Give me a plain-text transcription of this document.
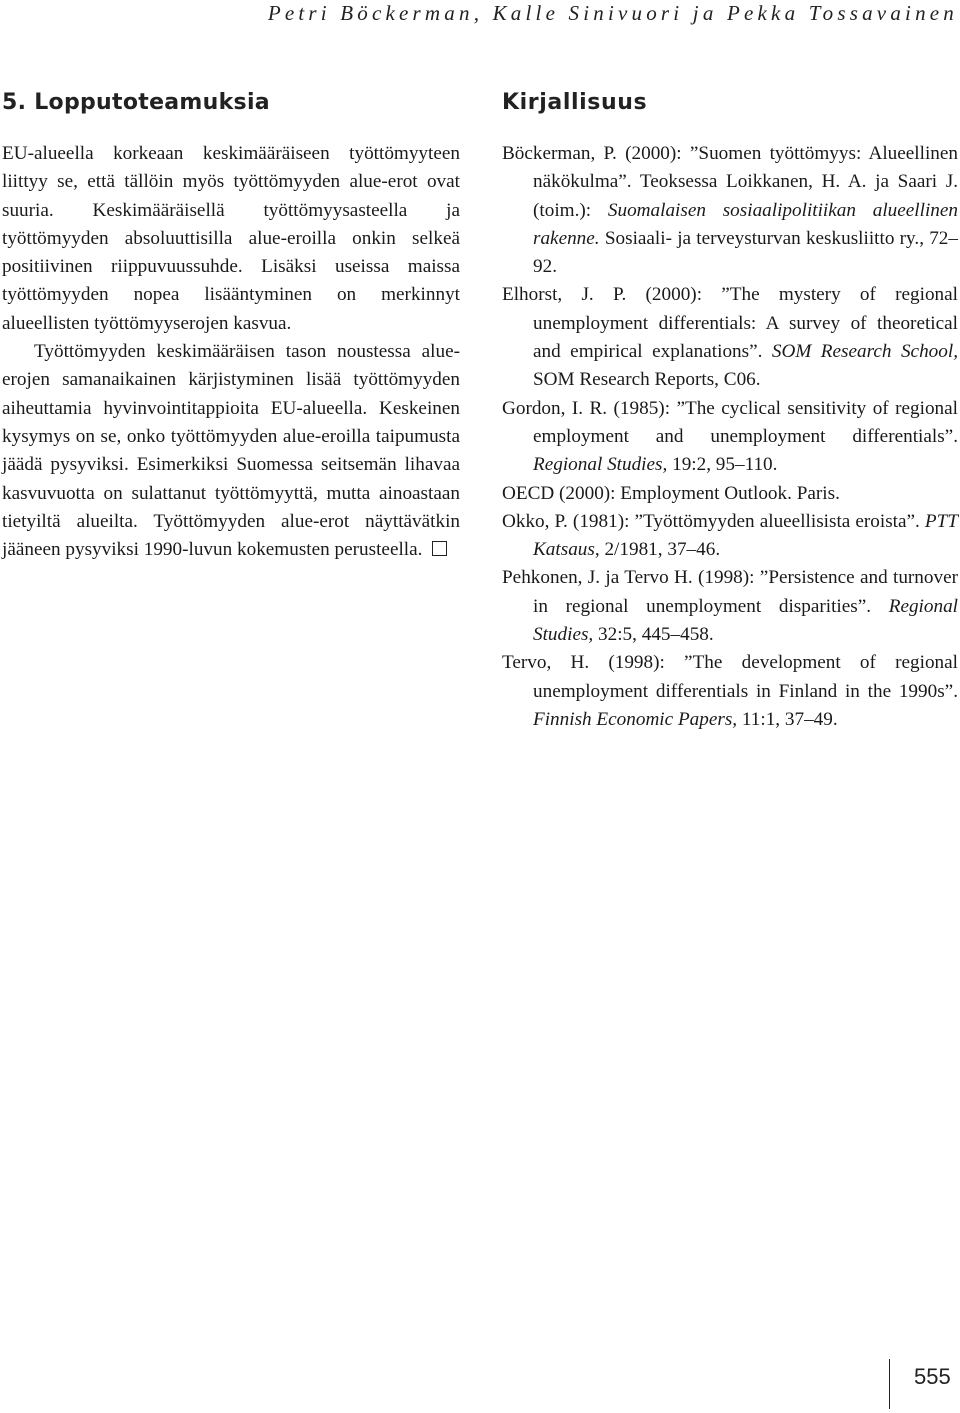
Petri Böckerman, Kalle Sinivuori ja Pekka Tossavainen
5. Lopputoteamuksia

EU-alueella korkeaan keskimääräiseen työttömyyteen liittyy se, että tällöin myös työttömyyden alue-erot ovat suuria. Keskimääräisellä työttömyysasteella ja työttömyyden absoluuttisilla alue-eroilla onkin selkeä positiivinen riippuvuussuhde. Lisäksi useissa maissa työttömyyden nopea lisääntyminen on merkinnyt alueellisten työttömyyserojen kasvua.

Työttömyyden keskimääräisen tason noustessa alue-erojen samanaikainen kärjistyminen lisää työttömyyden aiheuttamia hyvinvointitappioita EU-alueella. Keskeinen kysymys on se, onko työttömyyden alue-eroilla taipumusta jäädä pysyviksi. Esimerkiksi Suomessa seitsemän lihavaa kasvuvuotta on sulattanut työttömyyttä, mutta ainoastaan tietyiltä alueilta. Työttömyyden alue-erot näyttävätkin jääneen pysyviksi 1990-luvun kokemusten perusteella.

Kirjallisuus
Böckerman, P. (2000): ”Suomen työttömyys: Alueellinen näkökulma”. Teoksessa Loikkanen, H. A. ja Saari J. (toim.): Suomalaisen sosiaalipolitiikan alueellinen rakenne. Sosiaali- ja terveysturvan keskusliitto ry., 72–92.
Elhorst, J. P. (2000): ”The mystery of regional unemployment differentials: A survey of theoretical and empirical explanations”. SOM Research School, SOM Research Reports, C06.
Gordon, I. R. (1985): ”The cyclical sensitivity of regional employment and unemployment differentials”. Regional Studies, 19:2, 95–110.
OECD (2000): Employment Outlook. Paris.
Okko, P. (1981): ”Työttömyyden alueellisista eroista”. PTT Katsaus, 2/1981, 37–46.
Pehkonen, J. ja Tervo H. (1998): ”Persistence and turnover in regional unemployment disparities”. Regional Studies, 32:5, 445–458.
Tervo, H. (1998): ”The development of regional unemployment differentials in Finland in the 1990s”. Finnish Economic Papers, 11:1, 37–49.
555
